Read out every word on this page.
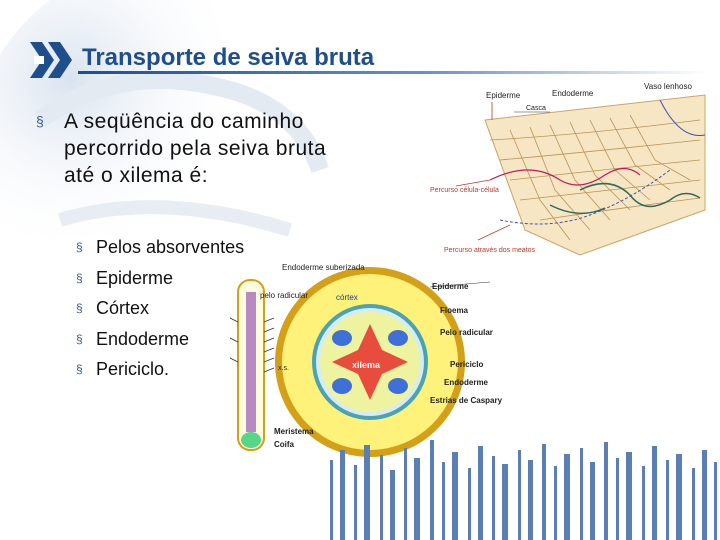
Transporte de seiva bruta
§ A seqüência do caminho percorrido pela seiva bruta até o xilema é:
§ Pelos absorventes
§ Epiderme
§ Córtex
§ Endoderme
§ Periciclo.
Epiderme	Endoderme
Vaso lenhoso
Casca
Percurso célula-célula
Percurso através dos meatos
Endoderme suberizada
pelo radicular	córtex
xilema
x.s.
Meristema
Coifa
Epiderme
Floema
Pelo radicular
Periciclo
Endoderme
Estrias de Caspary
